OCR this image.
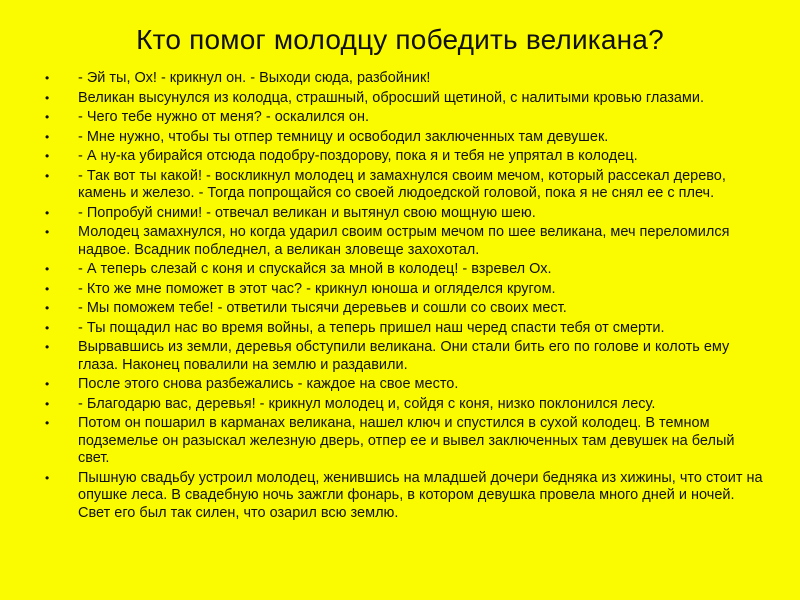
Кто помог молодцу победить великана?
• - Эй ты, Ох! - крикнул он. - Выходи сюда, разбойник!
• Великан высунулся из колодца, страшный, обросший щетиной, с налитыми кровью глазами.
• - Чего тебе нужно от меня? - оскалился он.
• - Мне нужно, чтобы ты отпер темницу и освободил заключенных там девушек.
• - А ну-ка убирайся отсюда подобру-поздорову, пока я и тебя не упрятал в колодец.
• - Так вот ты какой! - воскликнул молодец и замахнулся своим мечом, который рассекал дерево, камень и железо. - Тогда попрощайся со своей людоедской головой, пока я не снял ее с плеч.
• - Попробуй сними! - отвечал великан и вытянул свою мощную шею.
• Молодец замахнулся, но когда ударил своим острым мечом по шее великана, меч переломился надвое. Всадник побледнел, а великан зловеще захохотал.
• - А теперь слезай с коня и спускайся за мной в колодец! - взревел Ох.
• - Кто же мне поможет в этот час? - крикнул юноша и огляделся кругом.
• - Мы поможем тебе! - ответили тысячи деревьев и сошли со своих мест.
• - Ты пощадил нас во время войны, а теперь пришел наш черед спасти тебя от смерти.
• Вырвавшись из земли, деревья обступили великана. Они стали бить его по голове и колоть ему глаза. Наконец повалили на землю и раздавили.
• После этого снова разбежались - каждое на свое место.
• - Благодарю вас, деревья! - крикнул молодец и, сойдя с коня, низко поклонился лесу.
• Потом он пошарил в карманах великана, нашел ключ и спустился в сухой колодец. В темном подземелье он разыскал железную дверь, отпер ее и вывел заключенных там девушек на белый свет.
• Пышную свадьбу устроил молодец, женившись на младшей дочери бедняка из хижины, что стоит на опушке леса. В свадебную ночь зажгли фонарь, в котором девушка провела много дней и ночей. Свет его был так силен, что озарил всю землю.
